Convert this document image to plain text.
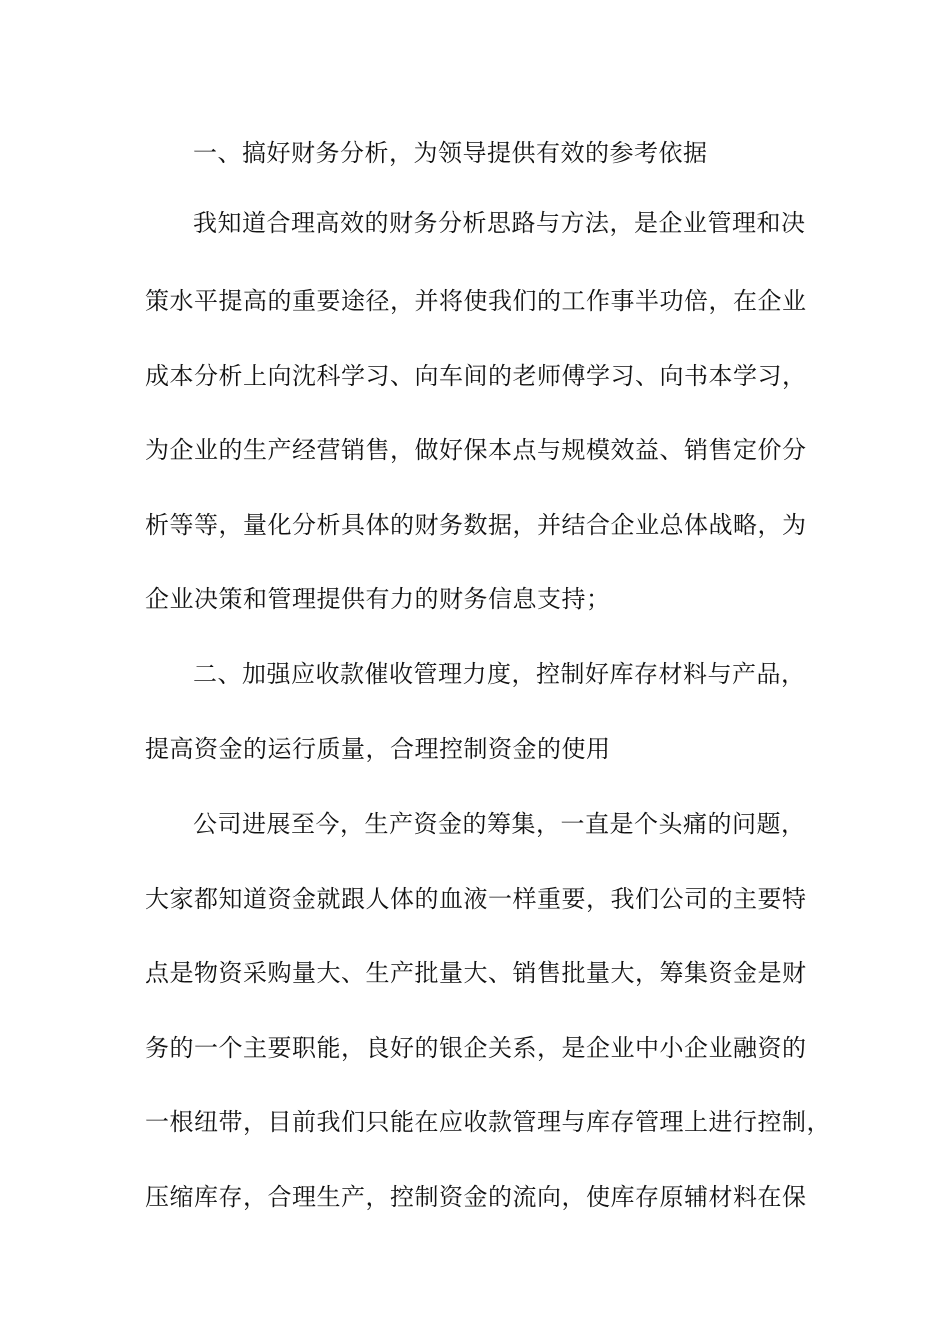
一、搞好财务分析，为领导提供有效的参考依据
我知道合理高效的财务分析思路与方法，是企业管理和决
策水平提高的重要途径，并将使我们的工作事半功倍，在企业
成本分析上向沈科学习、向车间的老师傅学习、向书本学习，
为企业的生产经营销售，做好保本点与规模效益、销售定价分
析等等，量化分析具体的财务数据，并结合企业总体战略，为
企业决策和管理提供有力的财务信息支持；
二、加强应收款催收管理力度，控制好库存材料与产品，
提高资金的运行质量，合理控制资金的使用
公司进展至今，生产资金的筹集，一直是个头痛的问题，
大家都知道资金就跟人体的血液一样重要，我们公司的主要特
点是物资采购量大、生产批量大、销售批量大，筹集资金是财
务的一个主要职能，良好的银企关系，是企业中小企业融资的
一根纽带，目前我们只能在应收款管理与库存管理上进行控制，
压缩库存，合理生产，控制资金的流向，使库存原辅材料在保
